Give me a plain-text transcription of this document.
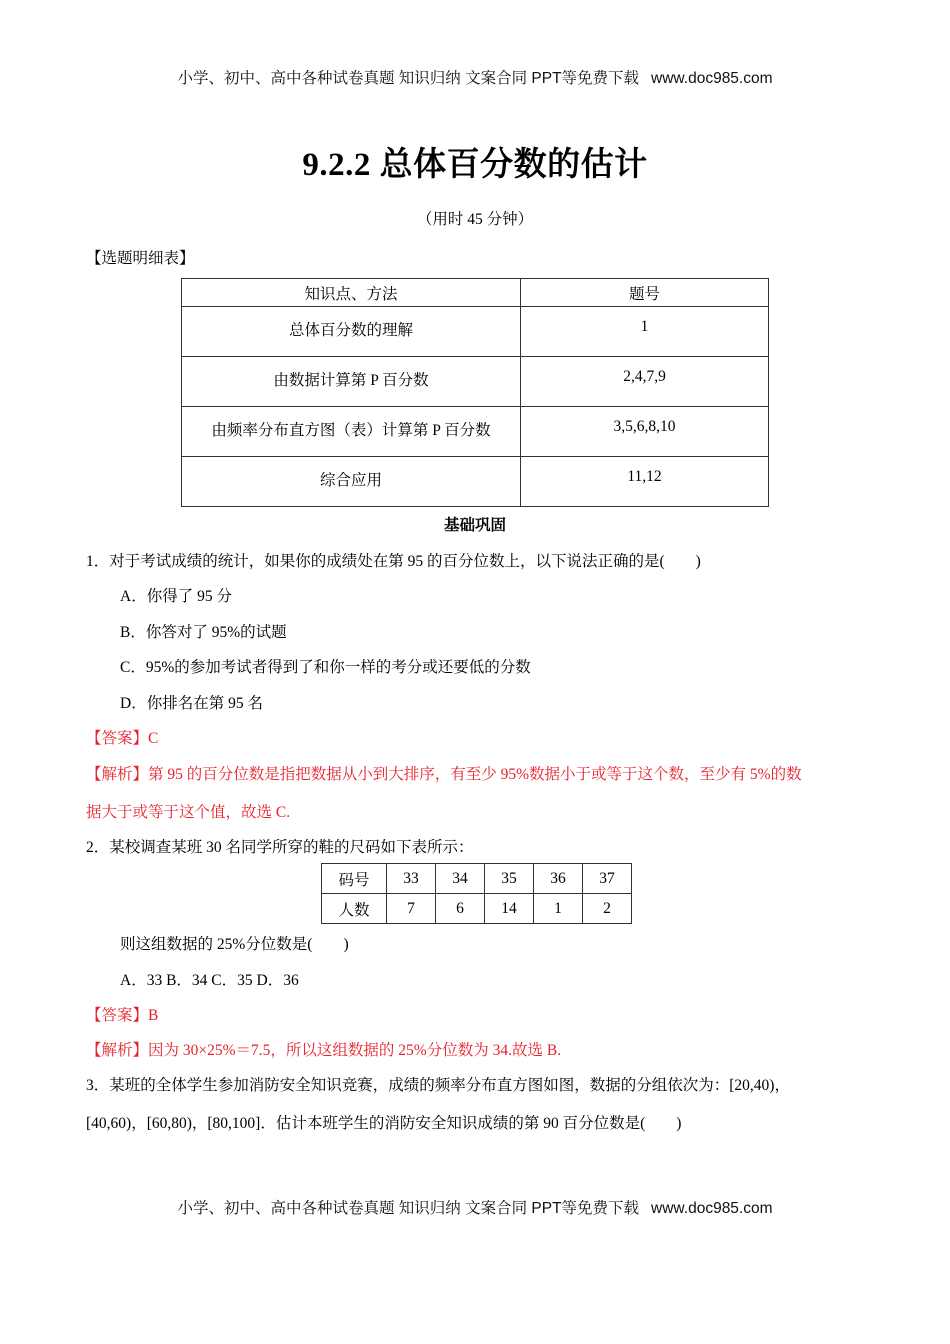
小学、初中、高中各种试卷真题 知识归纳 文案合同 PPT等免费下载 www.doc985.com
9.2.2 总体百分数的估计
（用时 45 分钟）
【选题明细表】
知识点、方法	题号
总体百分数的理解	1
由数据计算第 P 百分数	2,4,7,9
由频率分布直方图（表）计算第 P 百分数	3,5,6,8,10
综合应用	11,12
基础巩固
1．对于考试成绩的统计，如果你的成绩处在第 95 的百分位数上，以下说法正确的是(　　)
A．你得了 95 分
B．你答对了 95%的试题
C．95%的参加考试者得到了和你一样的考分或还要低的分数
D．你排名在第 95 名
【答案】C
【解析】第 95 的百分位数是指把数据从小到大排序，有至少 95%数据小于或等于这个数，至少有 5%的数
据大于或等于这个值，故选 C.
2．某校调查某班 30 名同学所穿的鞋的尺码如下表所示：
码号	33	34	35	36	37
人数	7	6	14	1	2
则这组数据的 25%分位数是(　　)
A．33 B．34 C．35 D．36
【答案】B
【解析】因为 30×25%＝7.5，所以这组数据的 25%分位数为 34.故选 B.
3．某班的全体学生参加消防安全知识竞赛，成绩的频率分布直方图如图，数据的分组依次为：[20,40)，
[40,60)，[60,80)，[80,100]．估计本班学生的消防安全知识成绩的第 90 百分位数是(　　)
小学、初中、高中各种试卷真题 知识归纳 文案合同 PPT等免费下载 www.doc985.com
